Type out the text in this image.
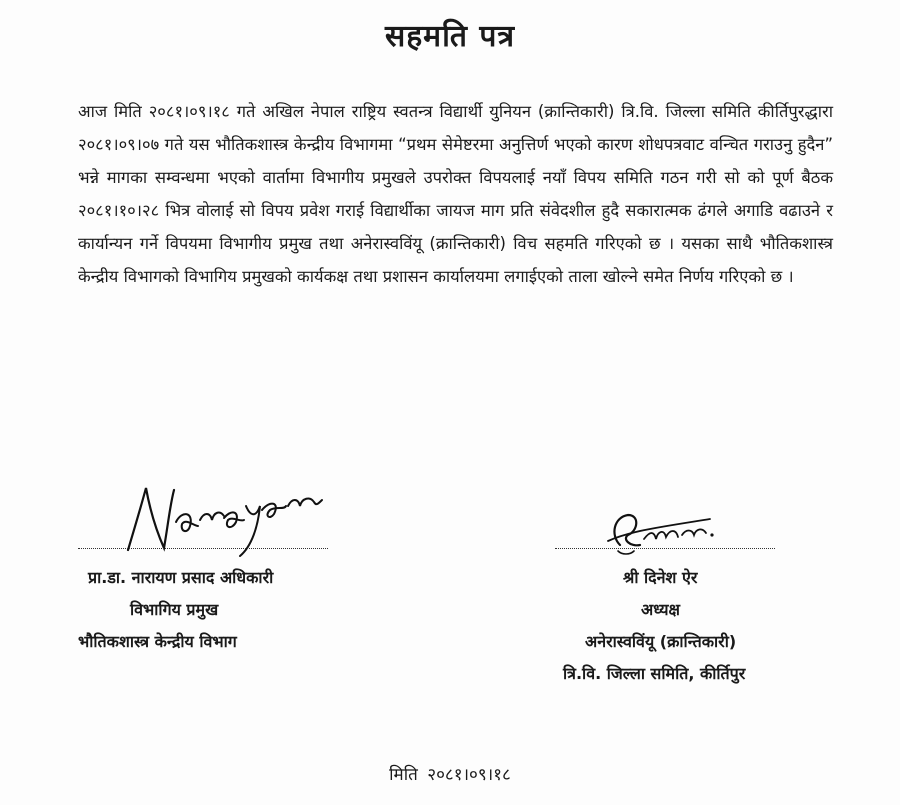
सहमति पत्र

आज मिति २०८१।०९।१८ गते अखिल नेपाल राष्ट्रिय स्वतन्त्र विद्यार्थी युनियन (क्रान्तिकारी) त्रि.वि. जिल्ला समिति कीर्तिपुरद्धारा २०८१।०९।०७ गते यस भौतिकशास्त्र केन्द्रीय विभागमा “प्रथम सेमेष्टरमा अनुत्तिर्ण भएको कारण शोधपत्रवाट वन्चित गराउनु हुदैन” भन्ने मागका सम्वन्धमा भएको वार्तामा विभागीय प्रमुखले उपरोक्त विपयलाई नयाँ विपय समिति गठन गरी सो को पूर्ण बैठक २०८१।१०।२८ भित्र वोलाई सो विपय प्रवेश गराई विद्यार्थीका जायज माग प्रति संवेदशील हुदै सकारात्मक ढंगले अगाडि वढाउने र कार्यान्यन गर्ने विपयमा विभागीय प्रमुख तथा अनेरास्वविंयू (क्रान्तिकारी) विच सहमति गरिएको छ । यसका साथै भौतिकशास्त्र केन्द्रीय विभागको विभागिय प्रमुखको कार्यकक्ष तथा प्रशासन कार्यालयमा लगाईएको ताला खोल्ने समेत निर्णय गरिएको छ ।

प्रा.डा. नारायण प्रसाद अधिकारी
विभागिय प्रमुख
भौतिकशास्त्र केन्द्रीय विभाग
श्री दिनेश ऐर
अध्यक्ष
अनेरास्वविंयू (क्रान्तिकारी)
त्रि.वि. जिल्ला समिति, कीर्तिपुर
मिति २०८१।०९।१८
